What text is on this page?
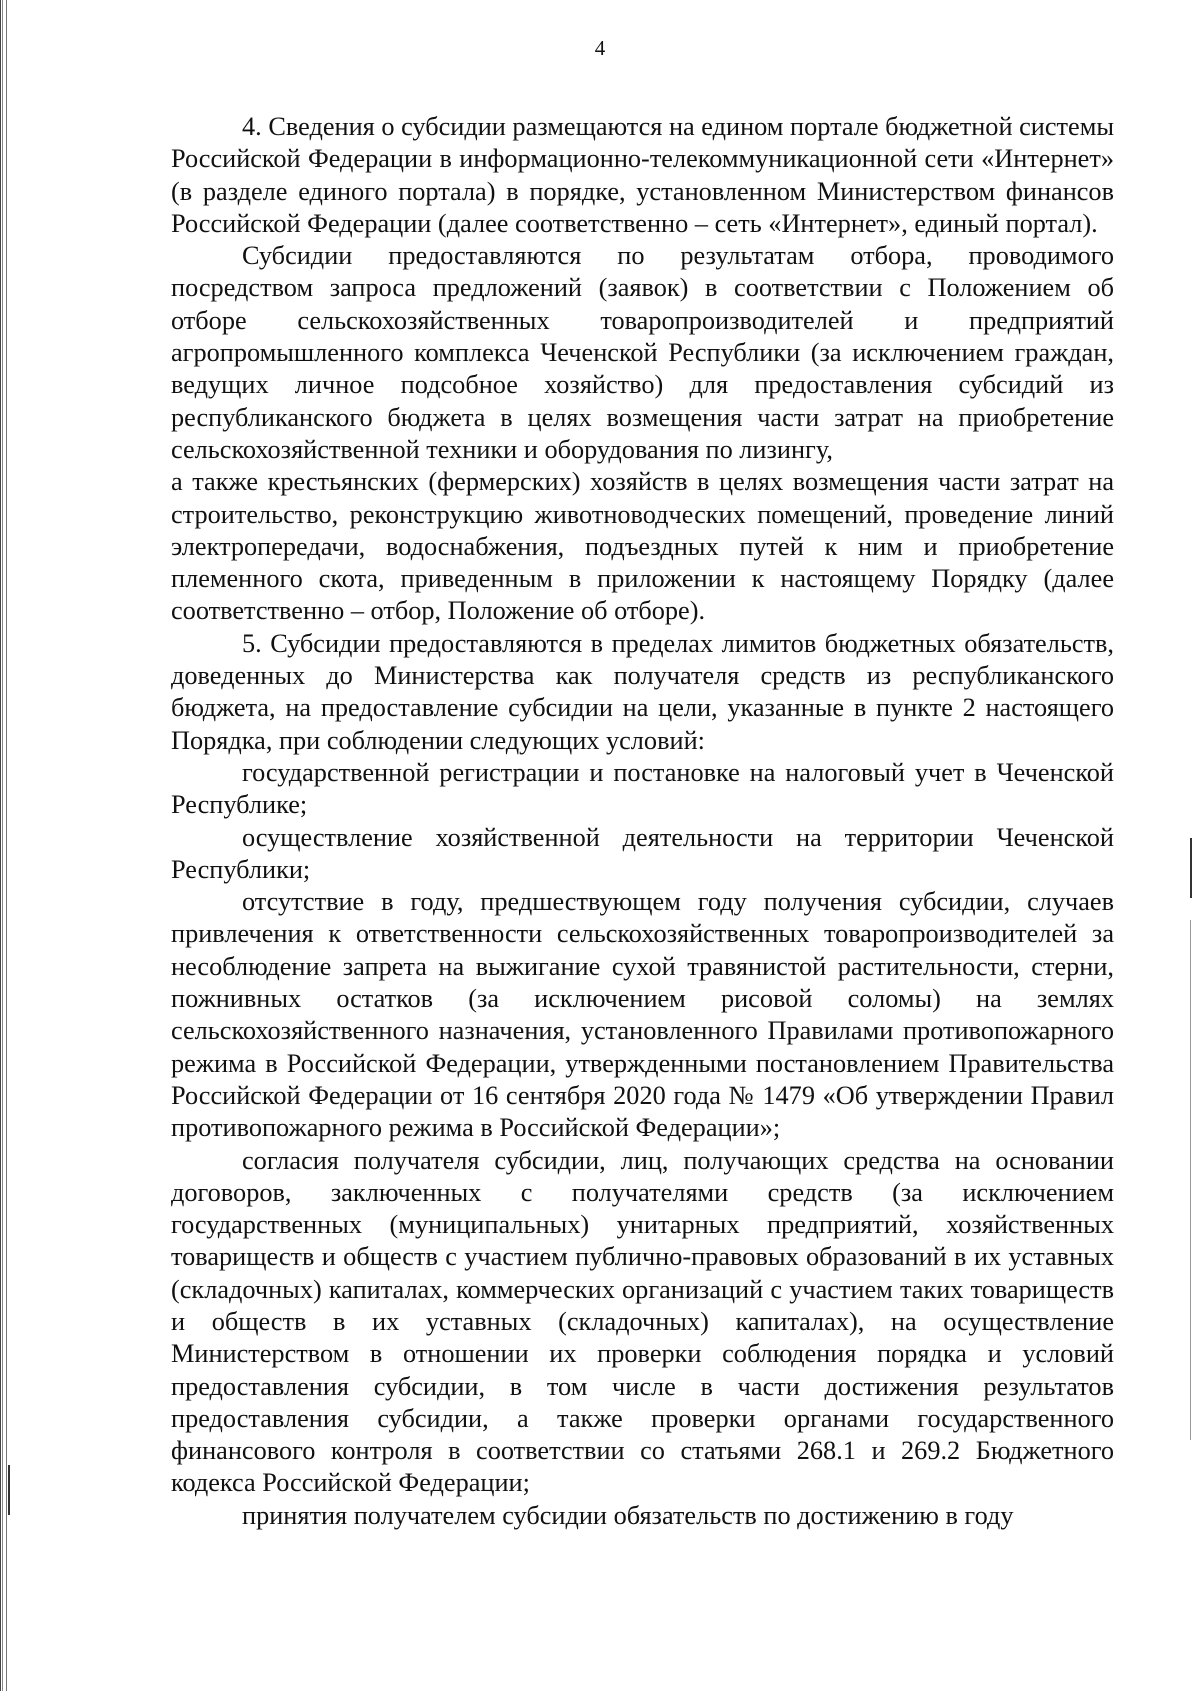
4

4. Сведения о субсидии размещаются на едином портале бюджетной системы Российской Федерации в информационно-телекоммуникационной сети «Интернет» (в разделе единого портала) в порядке, установленном Министерством финансов Российской Федерации (далее соответственно – сеть «Интернет», единый портал).

Субсидии предоставляются по результатам отбора, проводимого посредством запроса предложений (заявок) в соответствии с Положением об отборе сельскохозяйственных товаропроизводителей и предприятий агропромышленного комплекса Чеченской Республики (за исключением граждан, ведущих личное подсобное хозяйство) для предоставления субсидий из республиканского бюджета в целях возмещения части затрат на приобретение сельскохозяйственной техники и оборудования по лизингу,

а также крестьянских (фермерских) хозяйств в целях возмещения части затрат на строительство, реконструкцию животноводческих помещений, проведение линий электропередачи, водоснабжения, подъездных путей к ним и приобретение племенного скота, приведенным в приложении к настоящему Порядку (далее соответственно – отбор, Положение об отборе).

5. Субсидии предоставляются в пределах лимитов бюджетных обязательств, доведенных до Министерства как получателя средств из республиканского бюджета, на предоставление субсидии на цели, указанные в пункте 2 настоящего Порядка, при соблюдении следующих условий:

государственной регистрации и постановке на налоговый учет в Чеченской Республике;

осуществление хозяйственной деятельности на территории Чеченской Республики;

отсутствие в году, предшествующем году получения субсидии, случаев привлечения к ответственности сельскохозяйственных товаропроизводителей за несоблюдение запрета на выжигание сухой травянистой растительности, стерни, пожнивных остатков (за исключением рисовой соломы) на землях сельскохозяйственного назначения, установленного Правилами противопожарного режима в Российской Федерации, утвержденными постановлением Правительства Российской Федерации от 16 сентября 2020 года № 1479 «Об утверждении Правил противопожарного режима в Российской Федерации»;

согласия получателя субсидии, лиц, получающих средства на основании договоров, заключенных с получателями средств (за исключением государственных (муниципальных) унитарных предприятий, хозяйственных товариществ и обществ с участием публично-правовых образований в их уставных (складочных) капиталах, коммерческих организаций с участием таких товариществ и обществ в их уставных (складочных) капиталах), на осуществление Министерством в отношении их проверки соблюдения порядка и условий предоставления субсидии, в том числе в части достижения результатов предоставления субсидии, а также проверки органами государственного финансового контроля в соответствии со статьями 268.1 и 269.2 Бюджетного кодекса Российской Федерации;

принятия получателем субсидии обязательств по достижению в году
